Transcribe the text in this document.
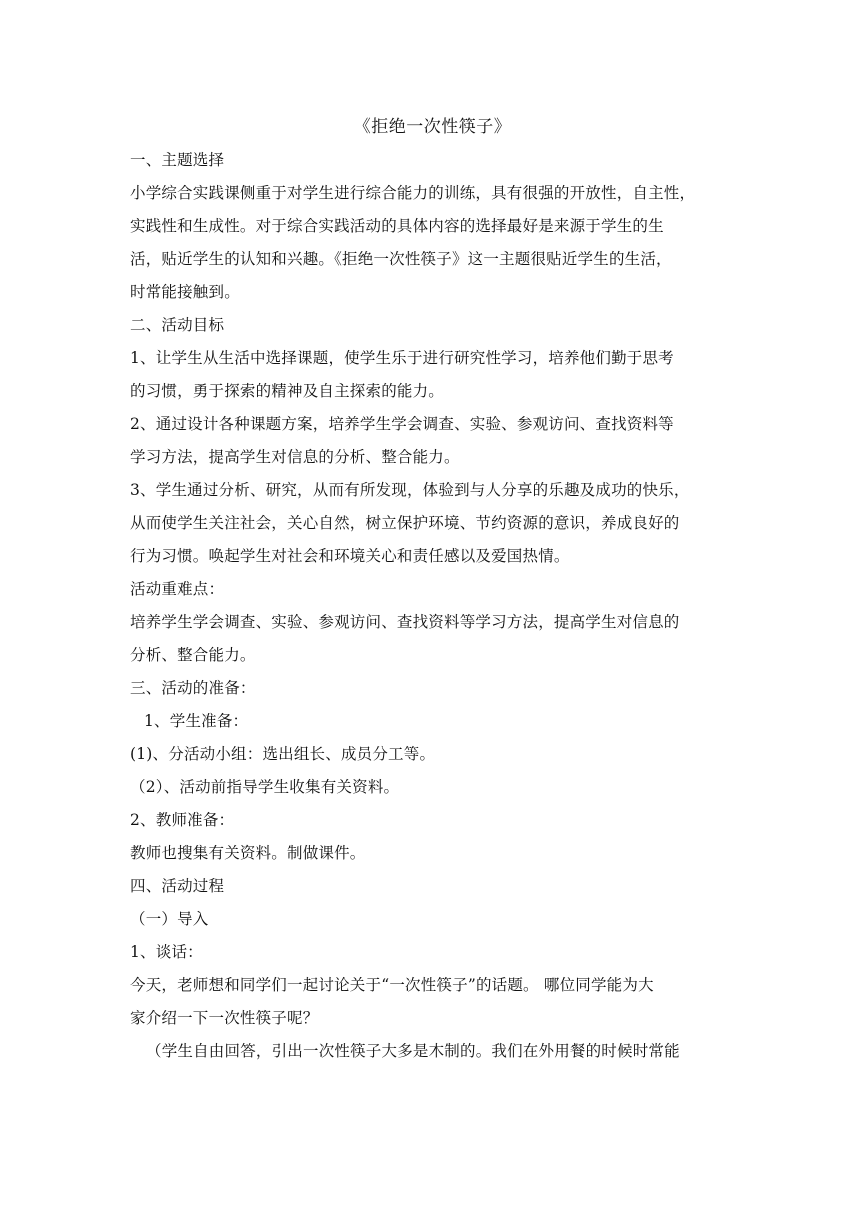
《拒绝一次性筷子》

一、主题选择

小学综合实践课侧重于对学生进行综合能力的训练，具有很强的开放性，自主性，

实践性和生成性。对于综合实践活动的具体内容的选择最好是来源于学生的生

活，贴近学生的认知和兴趣。《拒绝一次性筷子》这一主题很贴近学生的生活，

时常能接触到。

二、活动目标

1、让学生从生活中选择课题，使学生乐于进行研究性学习，培养他们勤于思考

的习惯，勇于探索的精神及自主探索的能力。

2、通过设计各种课题方案，培养学生学会调查、实验、参观访问、查找资料等

学习方法，提高学生对信息的分析、整合能力。

3、学生通过分析、研究，从而有所发现，体验到与人分享的乐趣及成功的快乐，

从而使学生关注社会，关心自然，树立保护环境、节约资源的意识，养成良好的

行为习惯。唤起学生对社会和环境关心和责任感以及爱国热情。

活动重难点：

培养学生学会调查、实验、参观访问、查找资料等学习方法，提高学生对信息的

分析、整合能力。

三、活动的准备：

1、学生准备：

(1)、分活动小组：选出组长、成员分工等。

（2）、活动前指导学生收集有关资料。

2、教师准备：

教师也搜集有关资料。制做课件。

四、活动过程

（一）导入

1、谈话：

今天，老师想和同学们一起讨论关于“一次性筷子”的话题。 哪位同学能为大

家介绍一下一次性筷子呢？

（学生自由回答，引出一次性筷子大多是木制的。我们在外用餐的时候时常能
